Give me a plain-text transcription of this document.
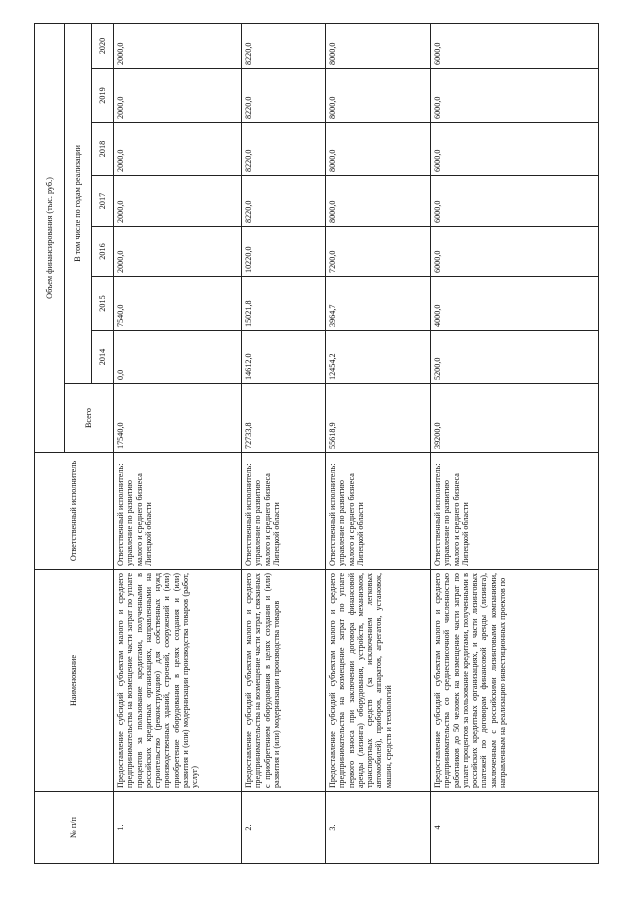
№ п/п	Наименование	Ответственный исполнитель	Объем финансирования (тыс. руб.)							
			Всего	В том числе по годам реализации						
				2014	2015	2016	2017	2018	2019	2020
1.	Предоставление субсидий субъектам малого и среднего предпринимательства на возмещение части затрат по уплате процентов за пользование кредитами, полученными в российских кредитных организациях, направленными на строительство (реконструкцию) для собственных нужд производственных зданий, строений, сооружений и (или) приобретение оборудования в целях создания и (или) развития и (или) модернизации производства товаров (работ, услуг)	Ответственный исполнитель: управление по развитию малого и среднего бизнеса Липецкой области	17540,0	0,0	7540,0	2000,0	2000,0	2000,0	2000,0	2000,0
2.	Предоставление субсидий субъектам малого и среднего предпринимательства на возмещение части затрат, связанных с приобретением оборудования в целях создания и (или) развития и (или) модернизации производства товаров	Ответственный исполнитель: управление по развитию малого и среднего бизнеса Липецкой области	72733,8	14612,0	15021,8	10220,0	8220,0	8220,0	8220,0	8220,0
3.	Предоставление субсидий субъектам малого и среднего предпринимательства на возмещение затрат по уплате первого взноса при заключении договора финансовой аренды (лизинга) оборудования, устройств, механизмов, транспортных средств (за исключением легковых автомобилей), приборов, аппаратов, агрегатов, установок, машин, средств и технологий	Ответственный исполнитель: управление по развитию малого и среднего бизнеса Липецкой области	55618,9	12454,2	3964,7	7200,0	8000,0	8000,0	8000,0	8000,0
4	Предоставление субсидий субъектам малого и среднего предпринимательства со среднесписочной численностью работников до 50 человек на возмещение части затрат по уплате процентов за пользование кредитами, полученными в российских кредитных организациях, и части лизинговых платежей по договорам финансовой аренды (лизинга), заключенным с российскими лизинговыми компаниями, направленным на реализацию инвестиционных проектов по	Ответственный исполнитель: управление по развитию малого и среднего бизнеса Липецкой области	39200,0	5200,0	4000,0	6000,0	6000,0	6000,0	6000,0	6000,0
